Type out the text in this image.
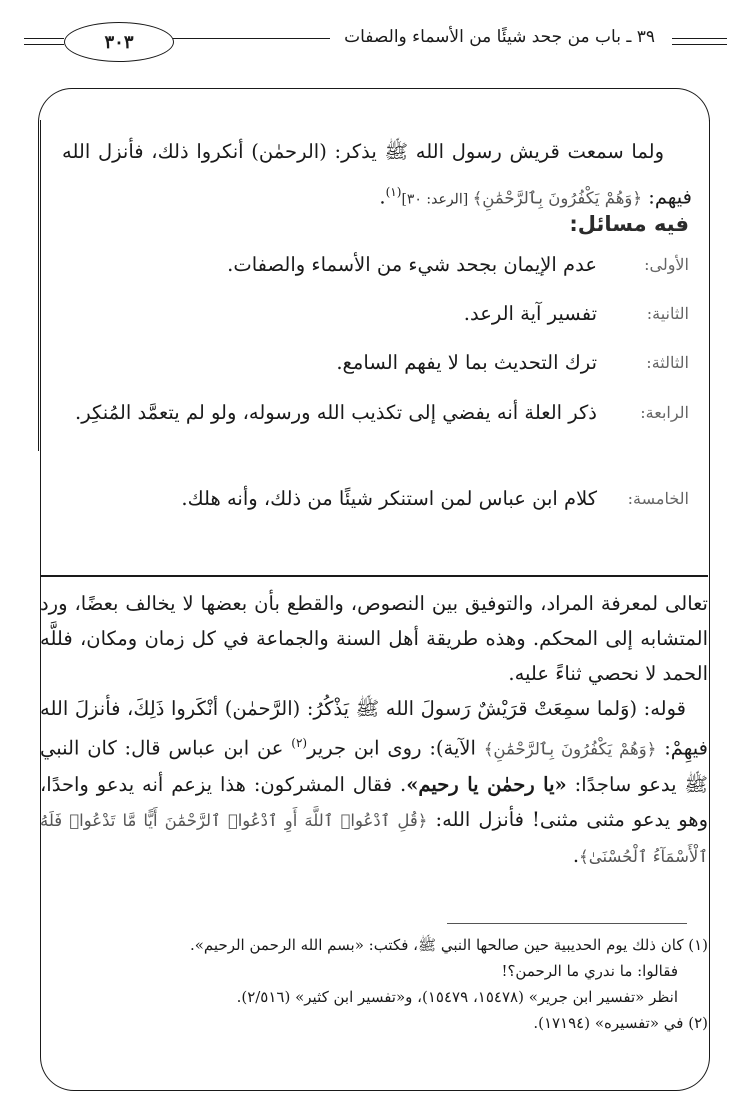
٣٠٣	٣٩ ـ باب من جحد شيئًا من الأسماء والصفات
ولما سمعت قريش رسول الله ﷺ يذكر: (الرحمٰن) أنكروا ذلك، فأنزل الله فيهم: ﴿وَهُمْ يَكْفُرُونَ بِٱلرَّحْمَٰنِ﴾ [الرعد: ٣٠]$^{(١)}$.
فيه مسائل:
الأولى:
عدم الإيمان بجحد شيء من الأسماء والصفات.
الثانية:
تفسير آية الرعد.
الثالثة:
ترك التحديث بما لا يفهم السامع.
الرابعة:
ذكر العلة أنه يفضي إلى تكذيب الله ورسوله، ولو لم يتعمَّد المُنكِر.
الخامسة:
كلام ابن عباس لمن استنكر شيئًا من ذلك، وأنه هلك.
تعالى لمعرفة المراد، والتوفيق بين النصوص، والقطع بأن بعضها لا يخالف بعضًا، ورد المتشابه إلى المحكم. وهذه طريقة أهل السنة والجماعة في كل زمان ومكان، فللَّه الحمد لا نحصي ثناءً عليه.
قوله: (وَلما سمِعَتْ قرَيْشٌ رَسولَ الله ﷺ يَذْكُرُ: (الرَّحمٰن) أنْكَروا ذَلِكَ، فأنزلَ الله فيهِمْ: ﴿وَهُمْ يَكْفُرُونَ بِٱلرَّحْمَٰنِ﴾ الآية): روى ابن جرير$^{(٢)}$ عن ابن عباس قال: كان النبي ﷺ يدعو ساجدًا: «يا رحمٰن يا رحيم». فقال المشركون: هذا يزعم أنه يدعو واحدًا، وهو يدعو مثنى مثنى! فأنزل الله: ﴿قُلِ ٱدْعُوا۟ ٱللَّهَ أَوِ ٱدْعُوا۟ ٱلرَّحْمَٰنَ أَيًّا مَّا تَدْعُوا۟ فَلَهُ ٱلْأَسْمَآءُ ٱلْحُسْنَىٰ﴾.
(١) كان ذلك يوم الحديبية حين صالحها النبي ﷺ، فكتب: «بسم الله الرحمن الرحيم».
فقالوا: ما ندري ما الرحمن؟!
انظر «تفسير ابن جرير» (١٥٤٧٨، ١٥٤٧٩)، و«تفسير ابن كثير» (٢/٥١٦).
(٢) في «تفسيره» (١٧١٩٤).
